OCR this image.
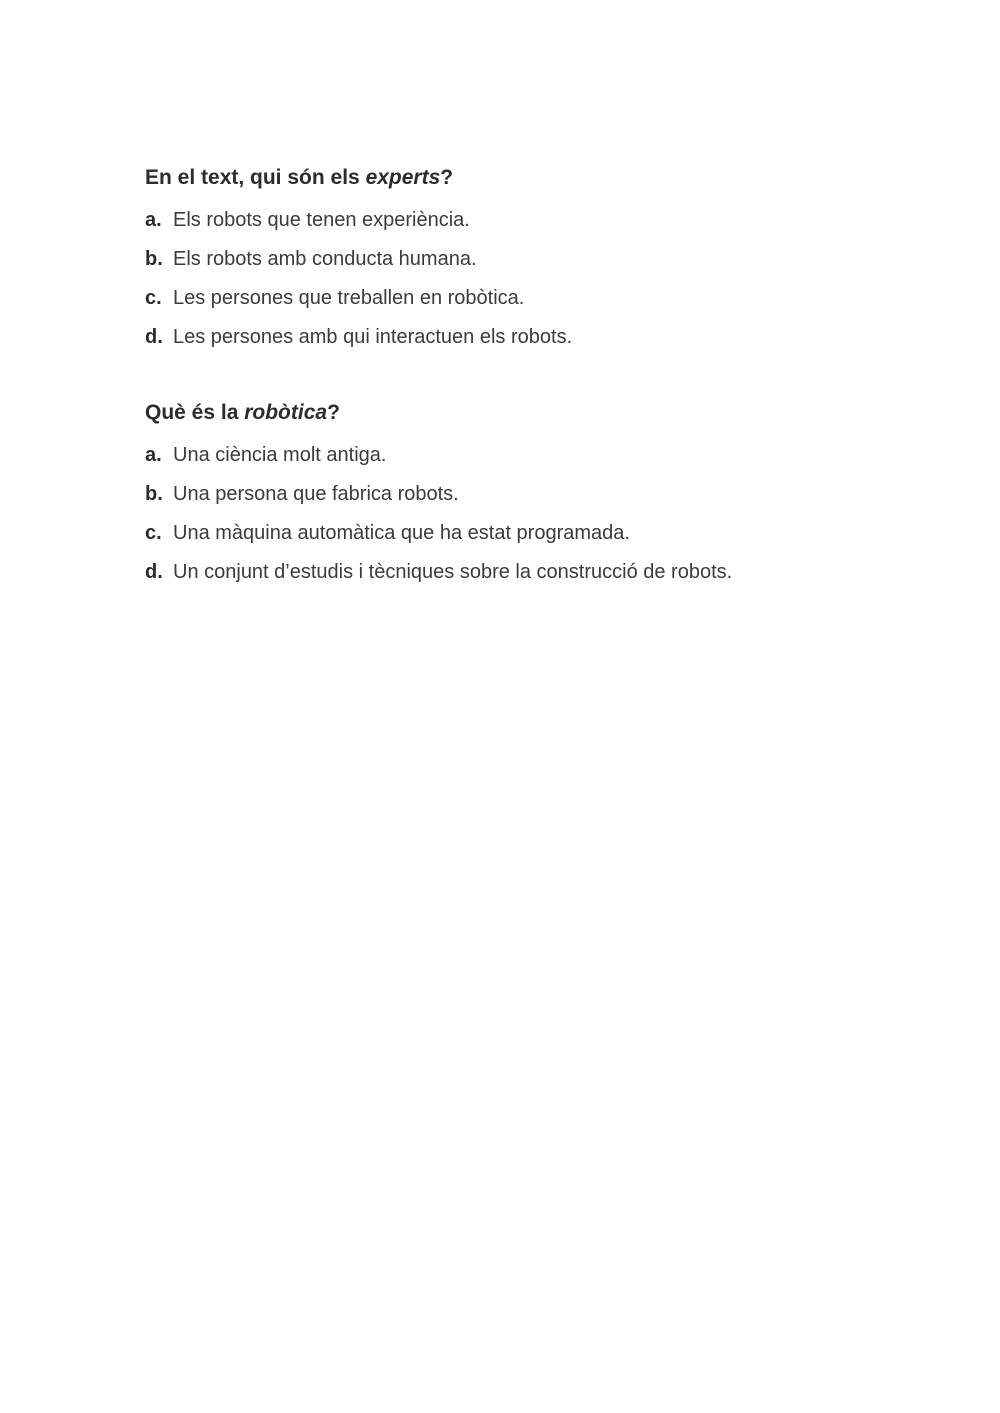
En el text, qui són els experts?
a. Els robots que tenen experiència.
b. Els robots amb conducta humana.
c. Les persones que treballen en robòtica.
d. Les persones amb qui interactuen els robots.
Què és la robòtica?
a. Una ciència molt antiga.
b. Una persona que fabrica robots.
c. Una màquina automàtica que ha estat programada.
d. Un conjunt d’estudis i tècniques sobre la construcció de robots.
